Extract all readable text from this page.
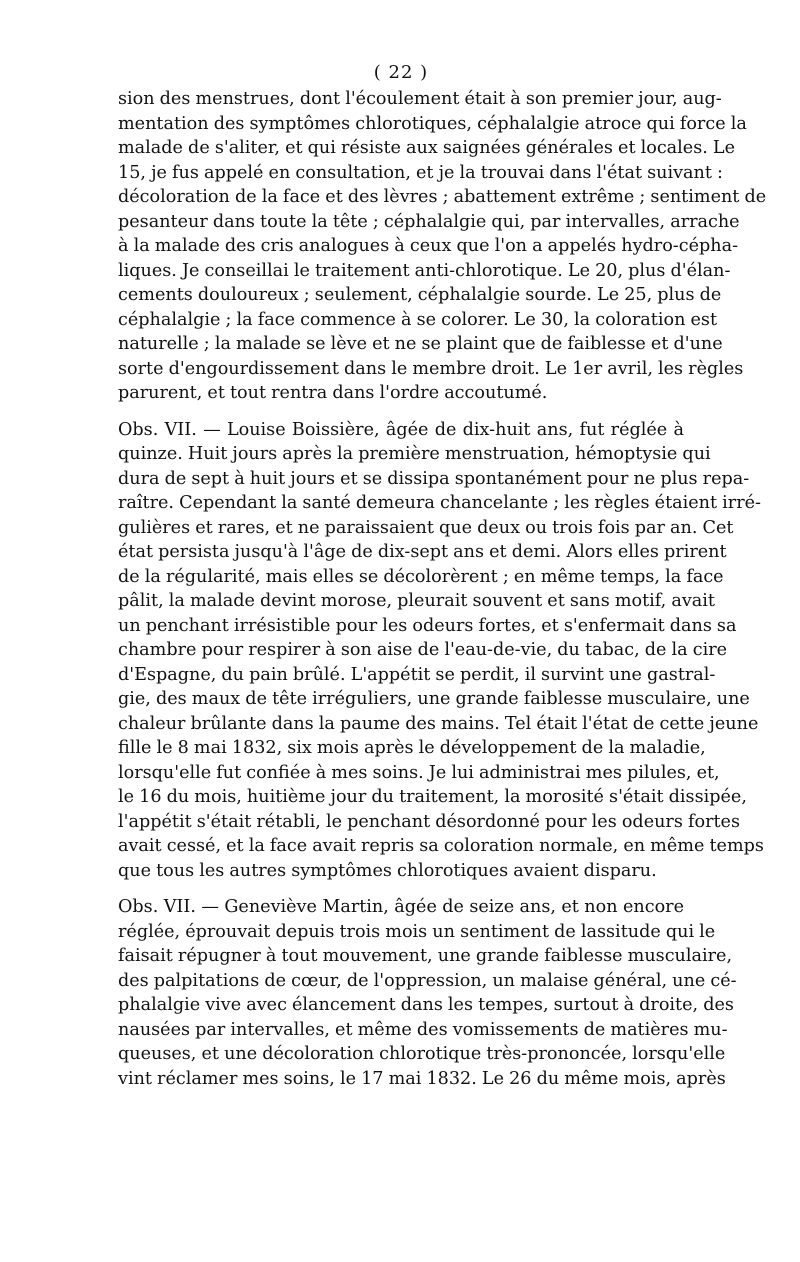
( 22 )
sion des menstrues, dont l'écoulement était à son premier jour, aug-
mentation des symptômes chlorotiques, céphalalgie atroce qui force la
malade de s'aliter, et qui résiste aux saignées générales et locales. Le
15, je fus appelé en consultation, et je la trouvai dans l'état suivant :
décoloration de la face et des lèvres ; abattement extrême ; sentiment de
pesanteur dans toute la tête ; céphalalgie qui, par intervalles, arrache
à la malade des cris analogues à ceux que l'on a appelés hydro-cépha-
liques. Je conseillai le traitement anti-chlorotique. Le 20, plus d'élan-
cements douloureux ; seulement, céphalalgie sourde. Le 25, plus de
céphalalgie ; la face commence à se colorer. Le 30, la coloration est
naturelle ; la malade se lève et ne se plaint que de faiblesse et d'une
sorte d'engourdissement dans le membre droit. Le 1er avril, les règles
parurent, et tout rentra dans l'ordre accoutumé.
Obs. VII. — Louise Boissière, âgée de dix-huit ans, fut réglée à
quinze. Huit jours après la première menstruation, hémoptysie qui
dura de sept à huit jours et se dissipa spontanément pour ne plus repa-
raître. Cependant la santé demeura chancelante ; les règles étaient irré-
gulières et rares, et ne paraissaient que deux ou trois fois par an. Cet
état persista jusqu'à l'âge de dix-sept ans et demi. Alors elles prirent
de la régularité, mais elles se décolorèrent ; en même temps, la face
pâlit, la malade devint morose, pleurait souvent et sans motif, avait
un penchant irrésistible pour les odeurs fortes, et s'enfermait dans sa
chambre pour respirer à son aise de l'eau-de-vie, du tabac, de la cire
d'Espagne, du pain brûlé. L'appétit se perdit, il survint une gastral-
gie, des maux de tête irréguliers, une grande faiblesse musculaire, une
chaleur brûlante dans la paume des mains. Tel était l'état de cette jeune
fille le 8 mai 1832, six mois après le développement de la maladie,
lorsqu'elle fut confiée à mes soins. Je lui administrai mes pilules, et,
le 16 du mois, huitième jour du traitement, la morosité s'était dissipée,
l'appétit s'était rétabli, le penchant désordonné pour les odeurs fortes
avait cessé, et la face avait repris sa coloration normale, en même temps
que tous les autres symptômes chlorotiques avaient disparu.
Obs. VII. — Geneviève Martin, âgée de seize ans, et non encore
réglée, éprouvait depuis trois mois un sentiment de lassitude qui le
faisait répugner à tout mouvement, une grande faiblesse musculaire,
des palpitations de cœur, de l'oppression, un malaise général, une cé-
phalalgie vive avec élancement dans les tempes, surtout à droite, des
nausées par intervalles, et même des vomissements de matières mu-
queuses, et une décoloration chlorotique très-prononcée, lorsqu'elle
vint réclamer mes soins, le 17 mai 1832. Le 26 du même mois, après
